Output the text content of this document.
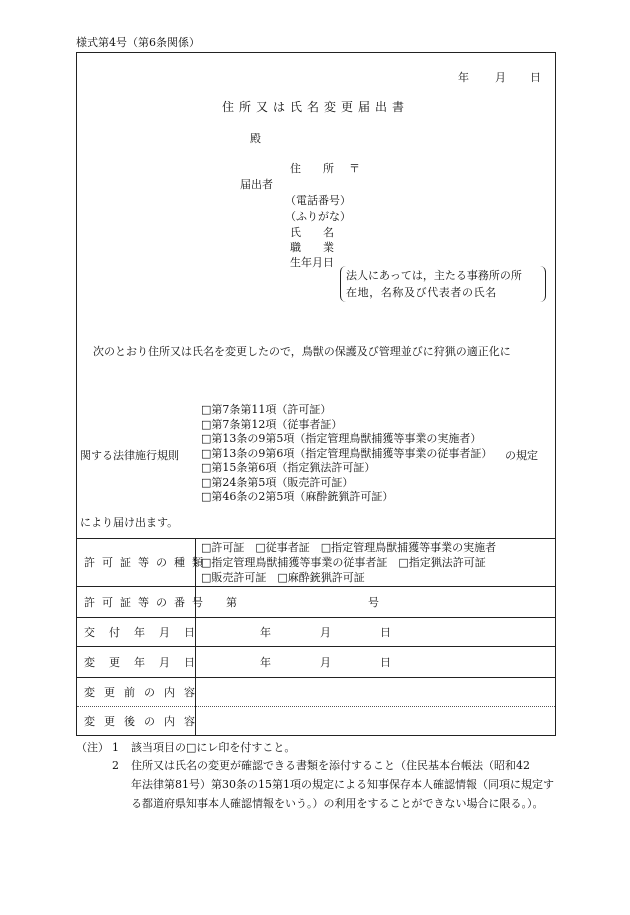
様式第4号（第6条関係）
年 月 日
住所又は氏名変更届出書
殿
住　　所 〒
届出者
（電話番号）
（ふりがな）
氏　　名
職　　業
生年月日
法人にあっては，主たる事務所の所
在地，名称及び代表者の氏名
次のとおり住所又は氏名を変更したので，鳥獣の保護及び管理並びに狩猟の適正化に
関する法律施行規則
□第7条第11項（許可証）
□第7条第12項（従事者証）
□第13条の9第5項（指定管理鳥獣捕獲等事業の実施者）
□第13条の9第6項（指定管理鳥獣捕獲等事業の従事者証）
□第15条第6項（指定猟法許可証）
□第24条第5項（販売許可証）
□第46条の2第5項（麻酔銃猟許可証）
の規定
により届け出ます。
許可証等の種類
□許可証　□従事者証　□指定管理鳥獣捕獲等事業の実施者
□指定管理鳥獣捕獲等事業の従事者証　□指定猟法許可証
□販売許可証　□麻酔銃猟許可証
許可証等の番号 第	号
交付年月日	年	月	日
変更年月日	年	月	日
変更前の内容
変更後の内容
（注） 1 該当項目の□にレ印を付すこと。
2 住所又は氏名の変更が確認できる書類を添付すること（住民基本台帳法（昭和42
年法律第81号）第30条の15第1項の規定による知事保存本人確認情報（同項に規定す
る都道府県知事本人確認情報をいう。）の利用をすることができない場合に限る。）。
